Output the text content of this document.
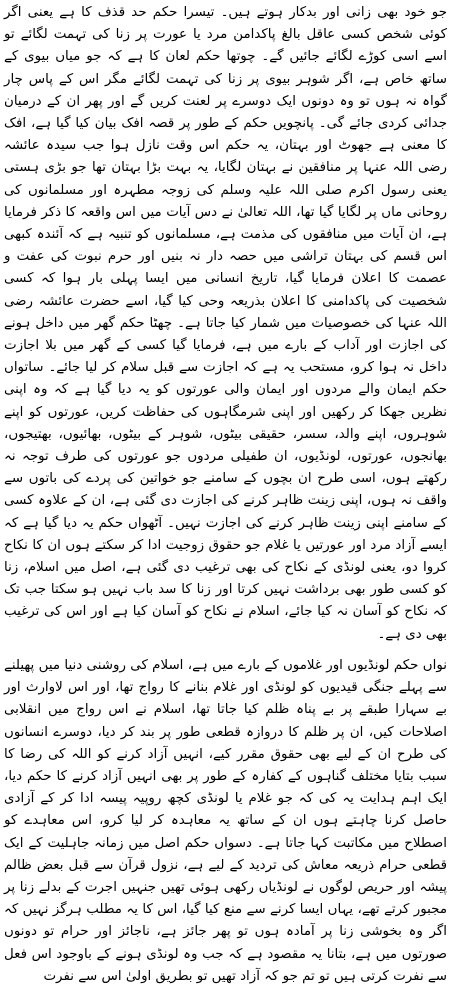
جو خود بھی زانی اور بدکار ہوتے ہیں۔ تیسرا حکم حد قذف کا ہے یعنی اگر کوئی شخص کسی عاقل بالغ پاکدامن مرد یا عورت پر زنا کی تہمت لگائے تو اسے اسی کوڑے لگائے جائیں گے۔ چوتھا حکم لعان کا ہے کہ جو میاں بیوی کے ساتھ خاص ہے، اگر شوہر بیوی پر زنا کی تہمت لگائے مگر اس کے پاس چار گواہ نہ ہوں تو وہ دونوں ایک دوسرے پر لعنت کریں گے اور پھر ان کے درمیان جدائی کردی جائے گی۔ پانچویں حکم کے طور پر قصہ افک بیان کیا گیا ہے، افک کا معنی ہے جھوٹ اور بہتان، یہ حکم اس وقت نازل ہوا جب سیدہ عائشہ رضی اللہ عنہا پر منافقین نے بہتان لگایا، یہ بہت بڑا بہتان تھا جو بڑی ہستی یعنی رسول اکرم صلی اللہ علیہ وسلم کی زوجہ مطہرہ اور مسلمانوں کی روحانی ماں پر لگایا گیا تھا، اللہ تعالیٰ نے دس آیات میں اس واقعہ کا ذکر فرمایا ہے، ان آیات میں منافقوں کی مذمت ہے، مسلمانوں کو تنبیہ ہے کہ آئندہ کبھی اس قسم کی بہتان تراشی میں حصہ دار نہ بنیں اور حرم نبوت کی عفت و عصمت کا اعلان فرمایا گیا، تاریخ انسانی میں ایسا پہلی بار ہوا کہ کسی شخصیت کی پاکدامنی کا اعلان بذریعہ وحی کیا گیا، اسے حضرت عائشہ رضی اللہ عنہا کی خصوصیات میں شمار کیا جاتا ہے۔ چھٹا حکم گھر میں داخل ہونے کی اجازت اور آداب کے بارے میں ہے، فرمایا گیا کسی کے گھر میں بلا اجازت داخل نہ ہوا کرو، مستحب یہ ہے کہ اجازت سے قبل سلام کر لیا جائے۔ ساتواں حکم ایمان والے مردوں اور ایمان والی عورتوں کو یہ دیا گیا ہے کہ وہ اپنی نظریں جھکا کر رکھیں اور اپنی شرمگاہوں کی حفاظت کریں، عورتوں کو اپنے شوہروں، اپنے والد، سسر، حقیقی بیٹوں، شوہر کے بیٹوں، بھائیوں، بھتیجوں، بھانجوں، عورتوں، لونڈیوں، ان طفیلی مردوں جو عورتوں کی طرف توجہ نہ رکھتے ہوں، اسی طرح ان بچوں کے سامنے جو خواتین کی پردے کی باتوں سے واقف نہ ہوں، اپنی زینت ظاہر کرنے کی اجازت دی گئی ہے، ان کے علاوہ کسی کے سامنے اپنی زینت ظاہر کرنے کی اجازت نہیں۔ آٹھواں حکم یہ دیا گیا ہے کہ ایسے آزاد مرد اور عورتیں یا غلام جو حقوق زوجیت ادا کر سکتے ہوں ان کا نکاح کروا دو، یعنی لونڈی کے نکاح کی بھی ترغیب دی گئی ہے، اصل میں اسلام، زنا کو کسی طور بھی برداشت نہیں کرتا اور زنا کا سد باب نہیں ہو سکتا جب تک کہ نکاح کو آسان نہ کیا جائے، اسلام نے نکاح کو آسان کیا ہے اور اس کی ترغیب بھی دی ہے۔

نواں حکم لونڈیوں اور غلاموں کے بارے میں ہے، اسلام کی روشنی دنیا میں پھیلنے سے پہلے جنگی قیدیوں کو لونڈی اور غلام بنانے کا رواج تھا، اور اس لاوارث اور بے سہارا طبقے پر بے پناہ ظلم کیا جاتا تھا، اسلام نے اس رواج میں انقلابی اصلاحات کیں، ان پر ظلم کا دروازہ قطعی طور پر بند کر دیا، دوسرے انسانوں کی طرح ان کے لیے بھی حقوق مقرر کیے، انہیں آزاد کرنے کو اللہ کی رضا کا سبب بتایا مختلف گناہوں کے کفارہ کے طور پر بھی انہیں آزاد کرنے کا حکم دیا، ایک اہم ہدایت یہ کی کہ جو غلام یا لونڈی کچھ روپیہ پیسہ ادا کر کے آزادی حاصل کرنا چاہتے ہوں ان کے ساتھ یہ معاہدہ کر لیا کرو، اس معاہدے کو اصطلاح میں مکاتبت کہا جاتا ہے۔ دسواں حکم اصل میں زمانہ جاہلیت کے ایک قطعی حرام ذریعہ معاش کی تردید کے لیے ہے، نزول قرآن سے قبل بعض ظالم پیشہ اور حریص لوگوں نے لونڈیاں رکھی ہوئی تھیں جنہیں اجرت کے بدلے زنا پر مجبور کرتے تھے، یہاں ایسا کرنے سے منع کیا گیا، اس کا یہ مطلب ہرگز نہیں کہ اگر وہ بخوشی زنا پر آمادہ ہوں تو پھر جائز ہے، ناجائز اور حرام تو دونوں صورتوں میں ہے، بتانا یہ مقصود ہے کہ جب وہ لونڈی ہونے کے باوجود اس فعل سے نفرت کرتی ہیں تو تم جو کہ آزاد تھیں تو بطریق اولیٰ اس سے نفرت
